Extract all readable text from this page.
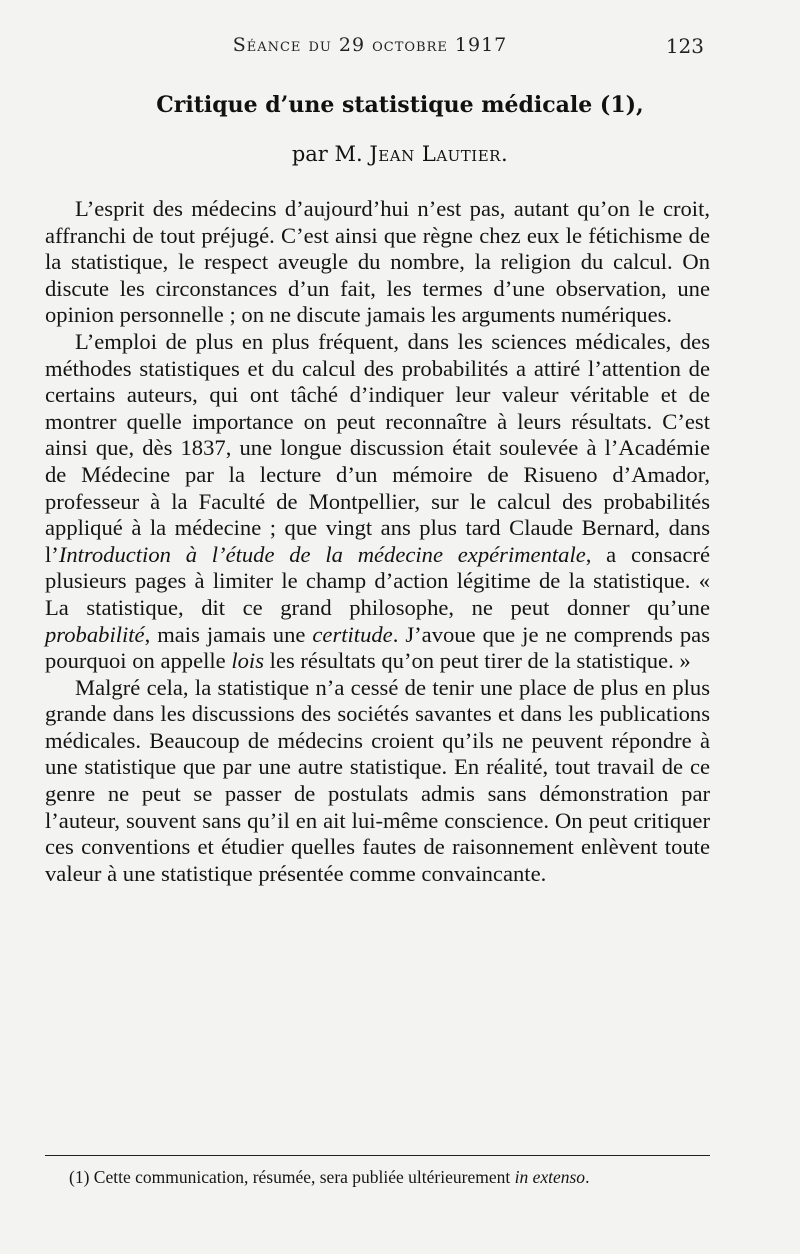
Séance du 29 octobre 1917	123
Critique d’une statistique médicale (1),
par M. Jean Lautier.

L’esprit des médecins d’aujourd’hui n’est pas, autant qu’on le croit, affranchi de tout préjugé. C’est ainsi que règne chez eux le fétichisme de la statistique, le respect aveugle du nombre, la religion du calcul. On discute les circonstances d’un fait, les termes d’une observation, une opinion personnelle ; on ne discute jamais les arguments numériques.

L’emploi de plus en plus fréquent, dans les sciences médicales, des méthodes statistiques et du calcul des probabilités a attiré l’attention de certains auteurs, qui ont tâché d’indiquer leur valeur véritable et de montrer quelle importance on peut reconnaître à leurs résultats. C’est ainsi que, dès 1837, une longue discussion était soulevée à l’Académie de Médecine par la lecture d’un mémoire de Risueno d’Amador, professeur à la Faculté de Montpellier, sur le calcul des probabilités appliqué à la médecine ; que vingt ans plus tard Claude Bernard, dans l’Introduction à l’étude de la médecine expérimentale, a consacré plusieurs pages à limiter le champ d’action légitime de la statistique. « La statistique, dit ce grand philosophe, ne peut donner qu’une probabilité, mais jamais une certitude. J’avoue que je ne comprends pas pourquoi on appelle lois les résultats qu’on peut tirer de la statistique. »

Malgré cela, la statistique n’a cessé de tenir une place de plus en plus grande dans les discussions des sociétés savantes et dans les publications médicales. Beaucoup de médecins croient qu’ils ne peuvent répondre à une statistique que par une autre statistique. En réalité, tout travail de ce genre ne peut se passer de postulats admis sans démonstration par l’auteur, souvent sans qu’il en ait lui-même conscience. On peut critiquer ces conventions et étudier quelles fautes de raisonnement enlèvent toute valeur à une statistique présentée comme convaincante.

(1) Cette communication, résumée, sera publiée ultérieurement in extenso.
